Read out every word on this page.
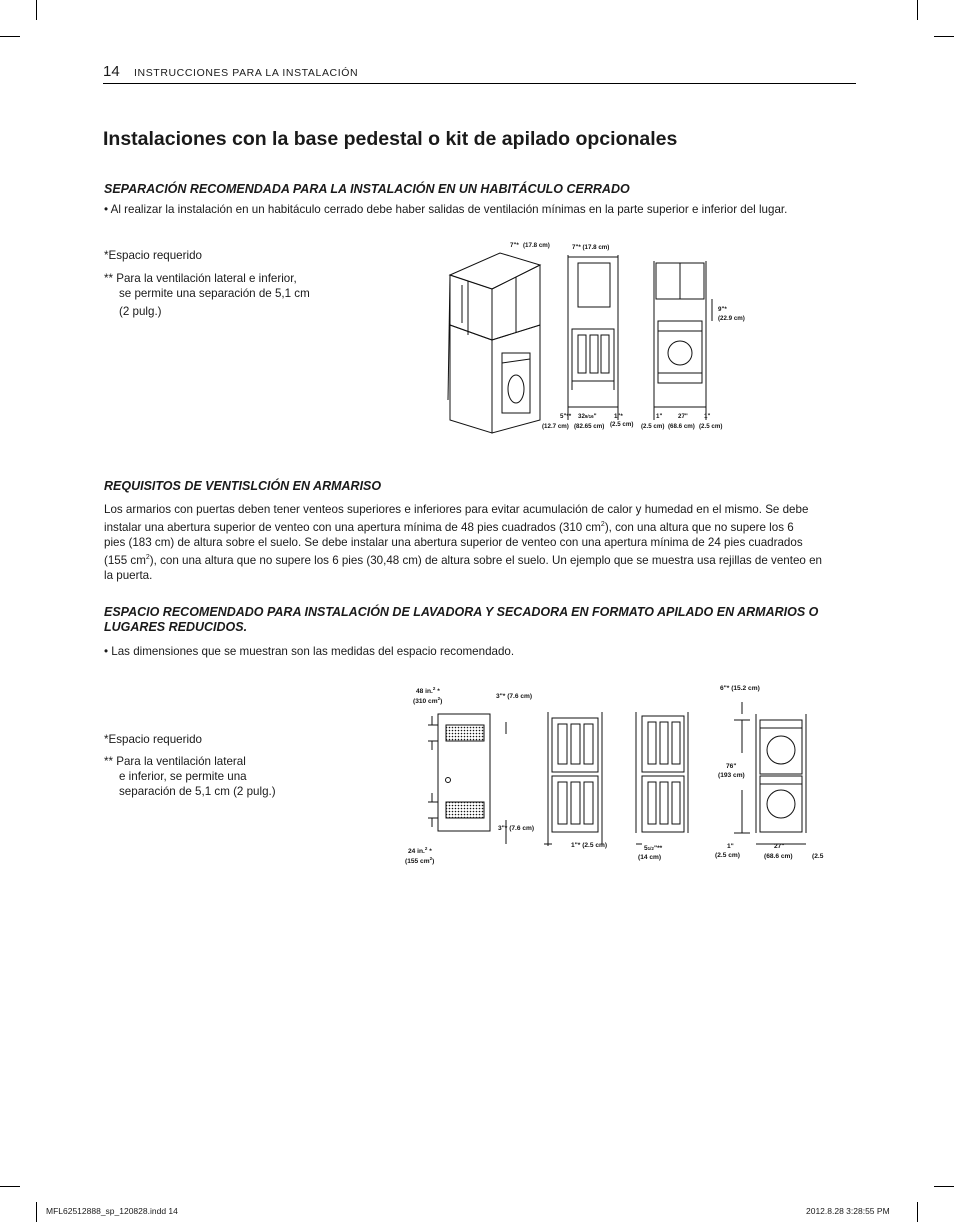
14 INSTRUCCIONES PARA LA INSTALACIÓN
Instalaciones con la base pedestal o kit de apilado opcionales
SEPARACIÓN RECOMENDADA PARA LA INSTALACIÓN EN UN HABITÁCULO CERRADO
• Al realizar la instalación en un habitáculo cerrado debe haber salidas de ventilación mínimas en la parte superior e inferior del lugar.
*Espacio requerido
** Para la ventilación lateral e inferior,
se permite una separación de 5,1 cm
(2 pulg.)
7"* (17.8 cm)	7"* (17.8 cm)
9"*
(22.9 cm)
5"**
(12.7 cm)
329/16"
(82.65 cm)
1"*
(2.5 cm)
1"
(2.5 cm)
27"
(68.6 cm)
1"
(2.5 cm)
REQUISITOS DE VENTISLCIÓN EN ARMARISO
Los armarios con puertas deben tener venteos superiores e inferiores para evitar acumulación de calor y humedad en el mismo. Se debe
instalar una abertura superior de venteo con una apertura mínima de 48 pies cuadrados (310 $cm^2$), con una altura que no supere los 6
pies (183 cm) de altura sobre el suelo. Se debe instalar una abertura superior de venteo con una apertura mínima de 24 pies cuadrados
(155 $cm^2$), con una altura que no supere los 6 pies (30,48 cm) de altura sobre el suelo. Un ejemplo que se muestra usa rejillas de venteo en
la puerta.
ESPACIO RECOMENDADO PARA INSTALACIÓN DE LAVADORA Y SECADORA EN FORMATO APILADO EN ARMARIOS O
LUGARES REDUCIDOS.
• Las dimensiones que se muestran son las medidas del espacio recomendado.
*Espacio requerido
** Para la ventilación lateral
e inferior, se permite una
separación de 5,1 cm (2 pulg.)
48 in.$^2$ *
(310 $cm^2$)
3"* (7.6 cm)
3"* (7.6 cm)
24 in.$^2$ *
(155 $cm^2$)
1"* (2.5 cm)	51/2"**
(14 cm)
6"* (15.2 cm)
76"
(193 cm)
1"
(2.5 cm)
27"
(68.6 cm)	(2.5
MFL62512888_sp_120828.indd 14	2012.8.28 3:28:55 PM
